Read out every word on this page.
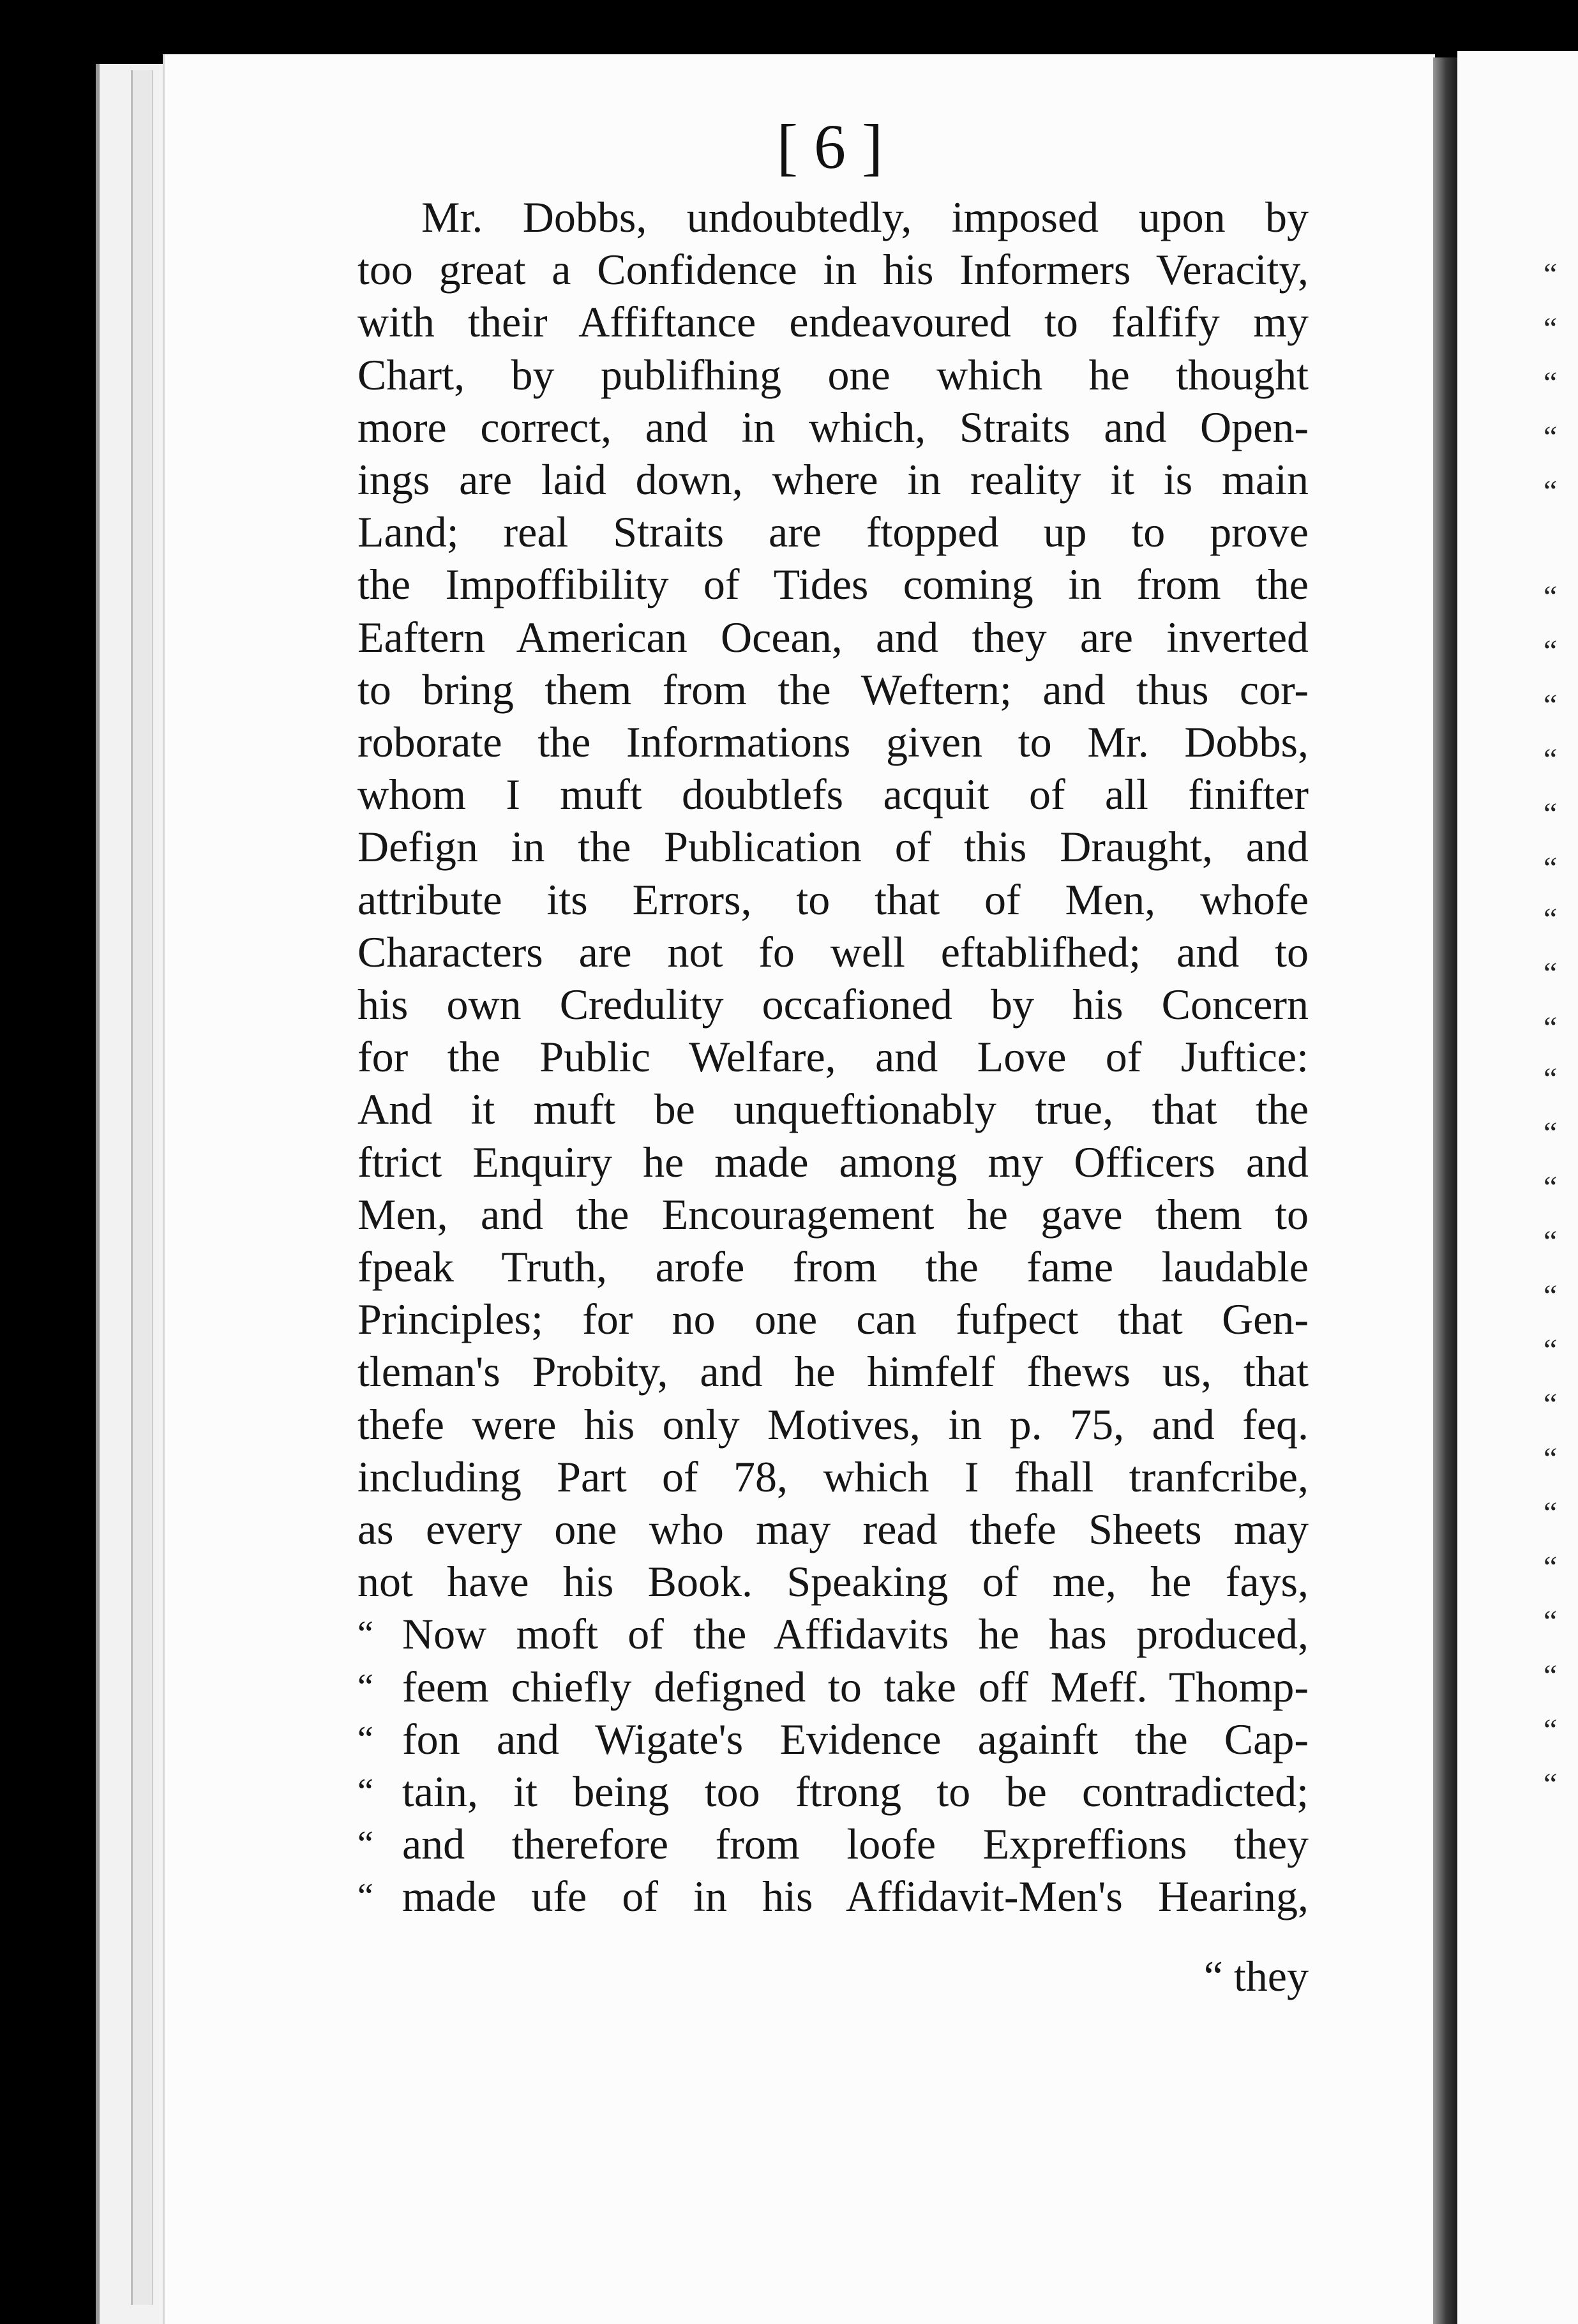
[ 6 ]
Mr. Dobbs, undoubtedly, imposed upon by
too great a Confidence in his Informers Veracity,
with their Affiftance endeavoured to falfify my
Chart, by publifhing one which he thought
more correct, and in which, Straits and Open-
ings are laid down, where in reality it is main
Land; real Straits are ftopped up to prove
the Impoffibility of Tides coming in from the
Eaftern American Ocean, and they are inverted
to bring them from the Weftern; and thus cor-
roborate the Informations given to Mr. Dobbs,
whom I muft doubtlefs acquit of all finifter
Defign in the Publication of this Draught, and
attribute its Errors, to that of Men, whofe
Characters are not fo well eftablifhed; and to
his own Credulity occafioned by his Concern
for the Public Welfare, and Love of Juftice:
And it muft be unqueftionably true, that the
ftrict Enquiry he made among my Officers and
Men, and the Encouragement he gave them to
fpeak Truth, arofe from the fame laudable
Principles; for no one can fufpect that Gen-
tleman's Probity, and he himfelf fhews us, that
thefe were his only Motives, in p. 75, and feq.
including Part of 78, which I fhall tranfcribe,
as every one who may read thefe Sheets may
not have his Book. Speaking of me, he fays,
“ Now moft of the Affidavits he has produced,
“ feem chiefly defigned to take off Meff. Thomp-
“ fon and Wigate's Evidence againft the Cap-
“ tain, it being too ftrong to be contradicted;
“ and therefore from loofe Expreffions they
“ made ufe of in his Affidavit-Men's Hearing,
“ they
“
“
“
“
“
“
“
“
“
“
“
“
“
“
“
“
“
“
“
“
“
“
“
“
“
“
“
“
